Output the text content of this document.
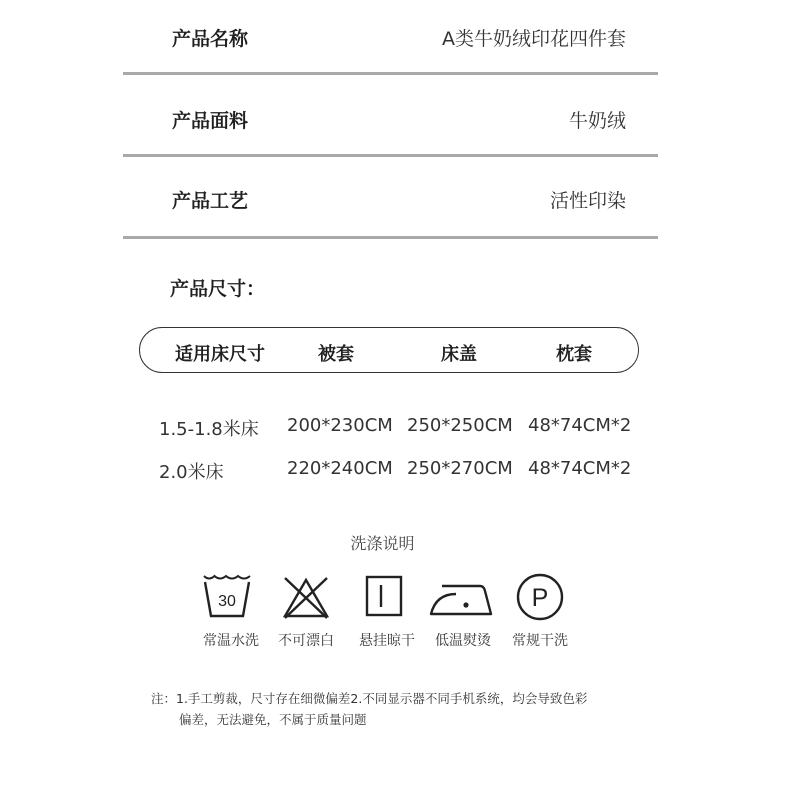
产品名称	A类牛奶绒印花四件套
产品面料	牛奶绒
产品工艺	活性印染
产品尺寸：
适用床尺寸	被套	床盖	枕套
1.5-1.8米床 200*230CM 250*250CM 48*74CM*2
2.0米床	220*240CM 250*270CM 48*74CM*2
洗涤说明
30
常温水洗 不可漂白 悬挂晾干 低温熨烫
P
常规干洗
注：1.手工剪裁，尺寸存在细微偏差2.不同显示器不同手机系统，均会导致色彩
偏差，无法避免，不属于质量问题
